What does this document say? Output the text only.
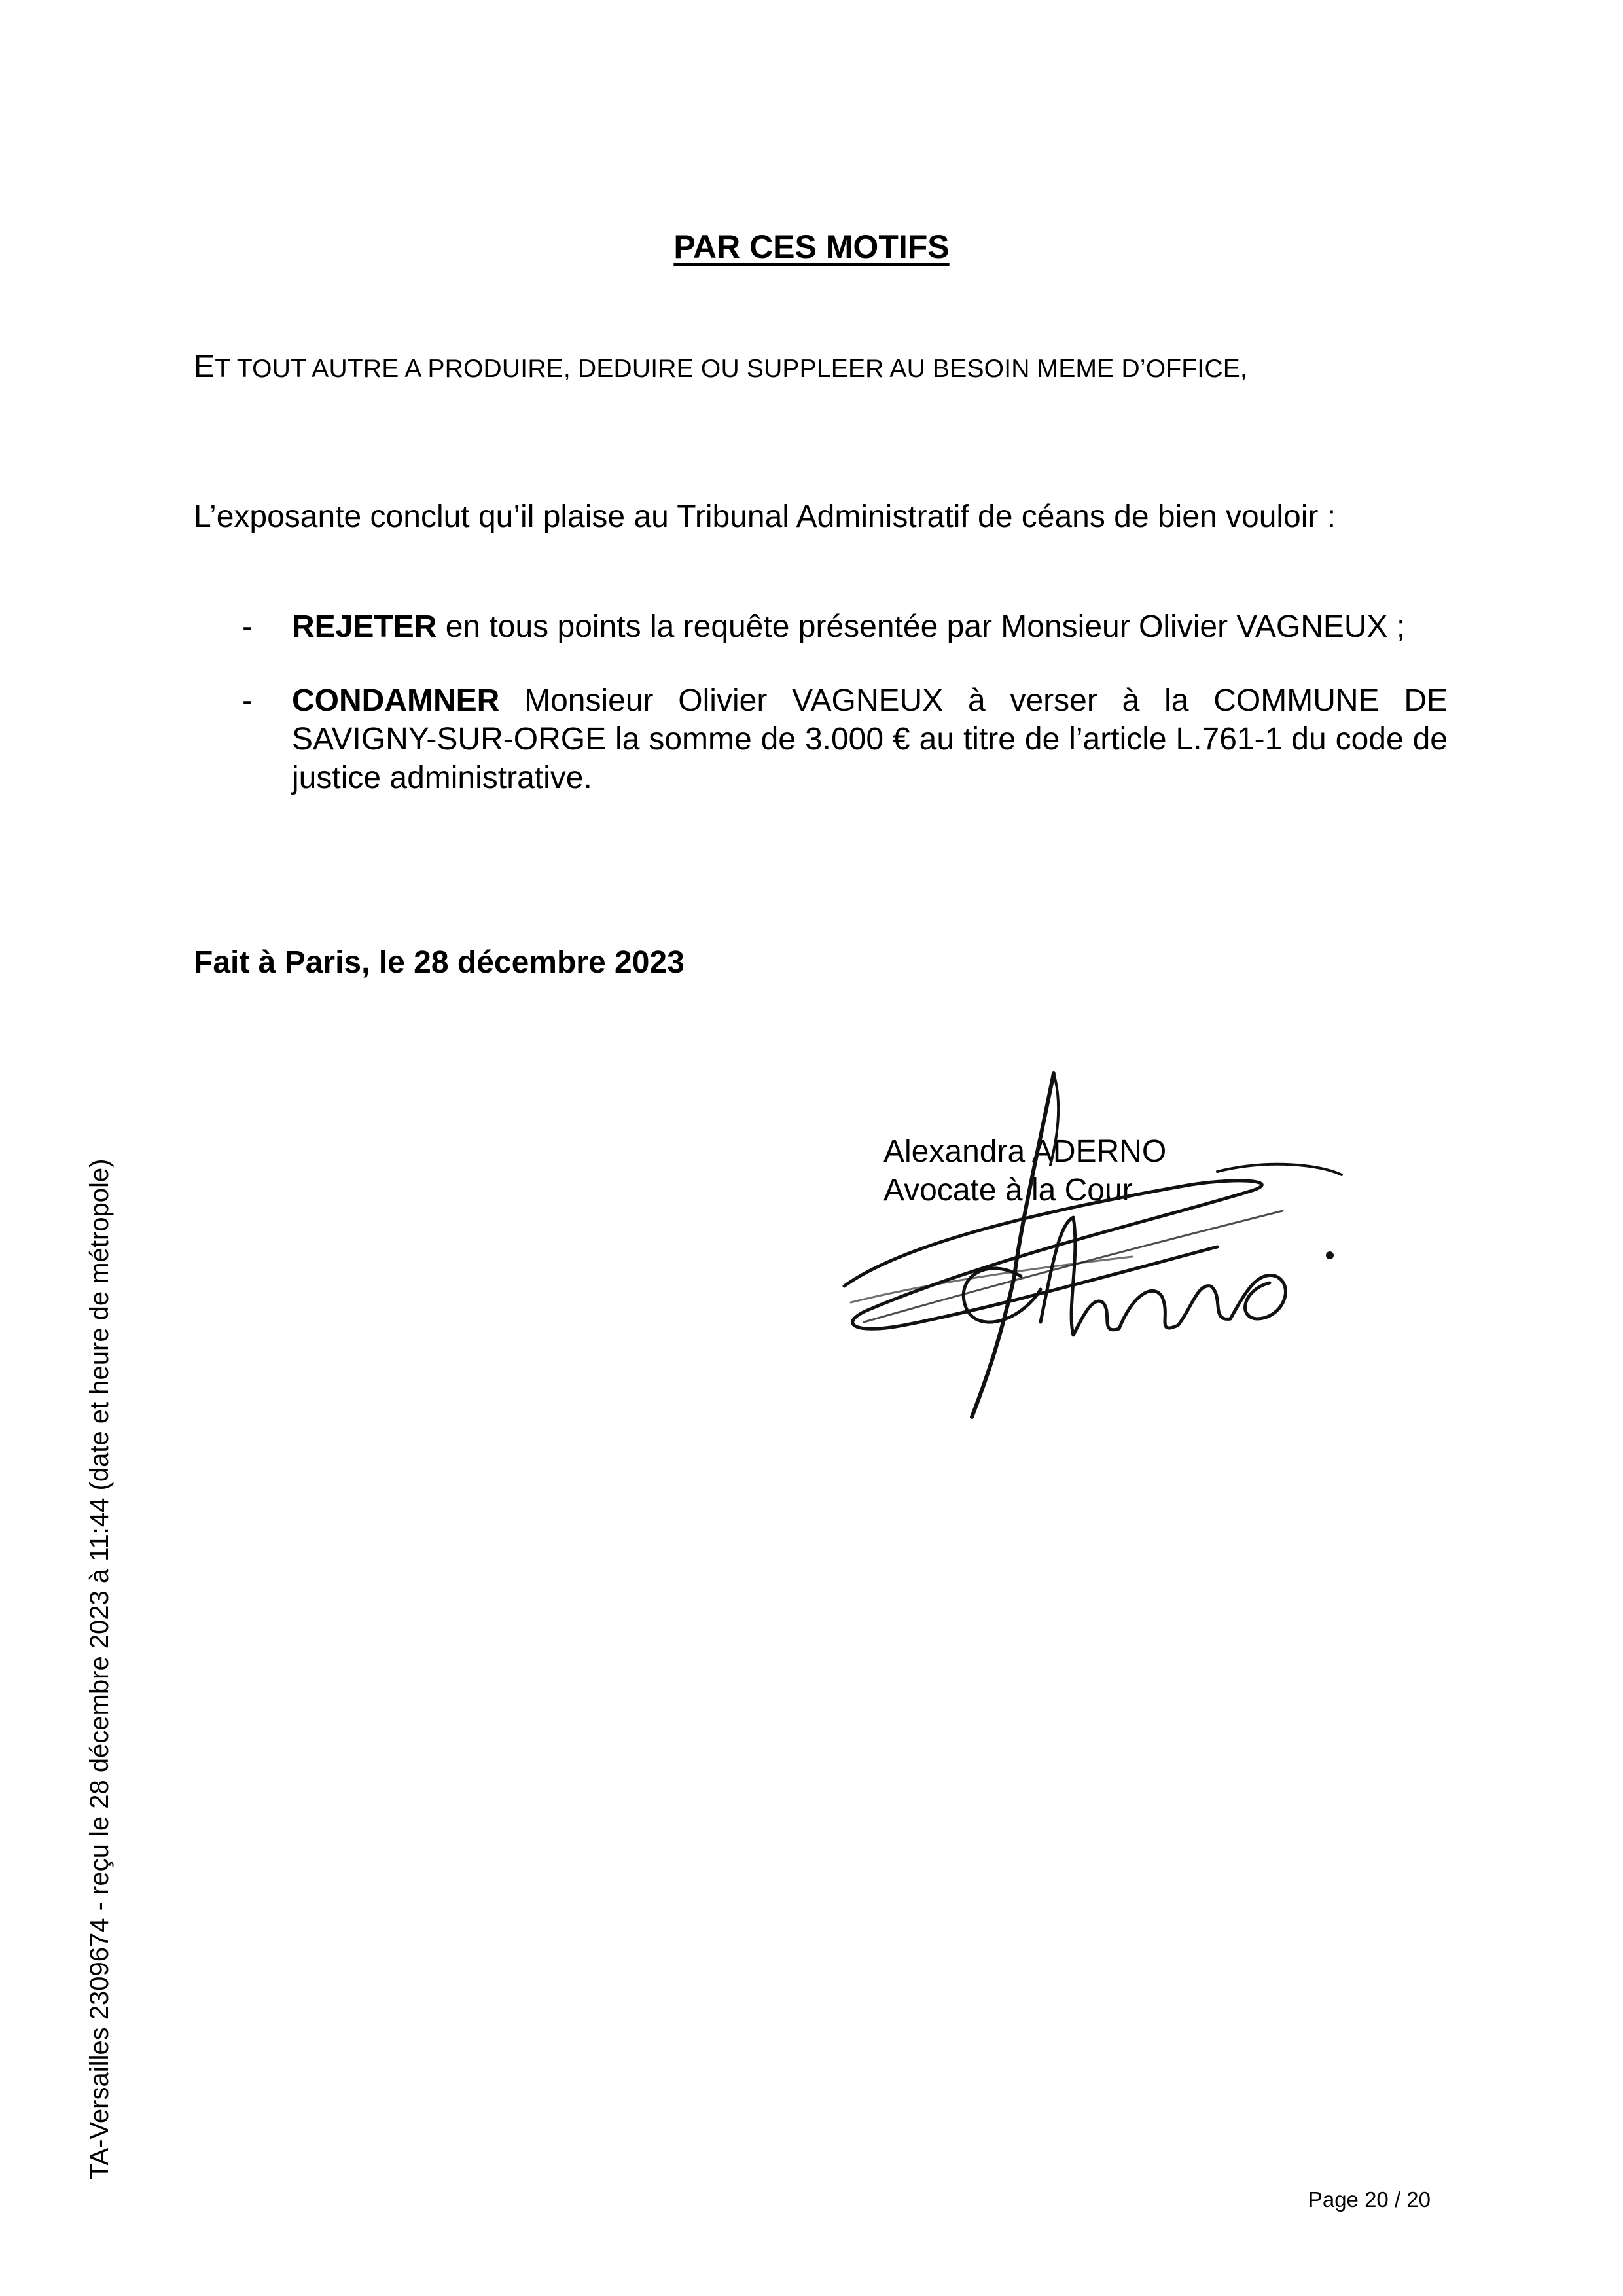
PAR CES MOTIFS

ET TOUT AUTRE A PRODUIRE, DEDUIRE OU SUPPLEER AU BESOIN MEME D’OFFICE,

L’exposante conclut qu’il plaise au Tribunal Administratif de céans de bien vouloir :

- REJETER en tous points la requête présentée par Monsieur Olivier VAGNEUX ;
- CONDAMNER Monsieur Olivier VAGNEUX à verser à la COMMUNE DE SAVIGNY-SUR-ORGE la somme de 3.000 € au titre de l’article L.761-1 du code de justice administrative.

Fait à Paris, le 28 décembre 2023

Alexandra ADERNO
Avocate à la Cour

TA-Versailles 2309674 - reçu le 28 décembre 2023 à 11:44 (date et heure de métropole)

Page 20 / 20
